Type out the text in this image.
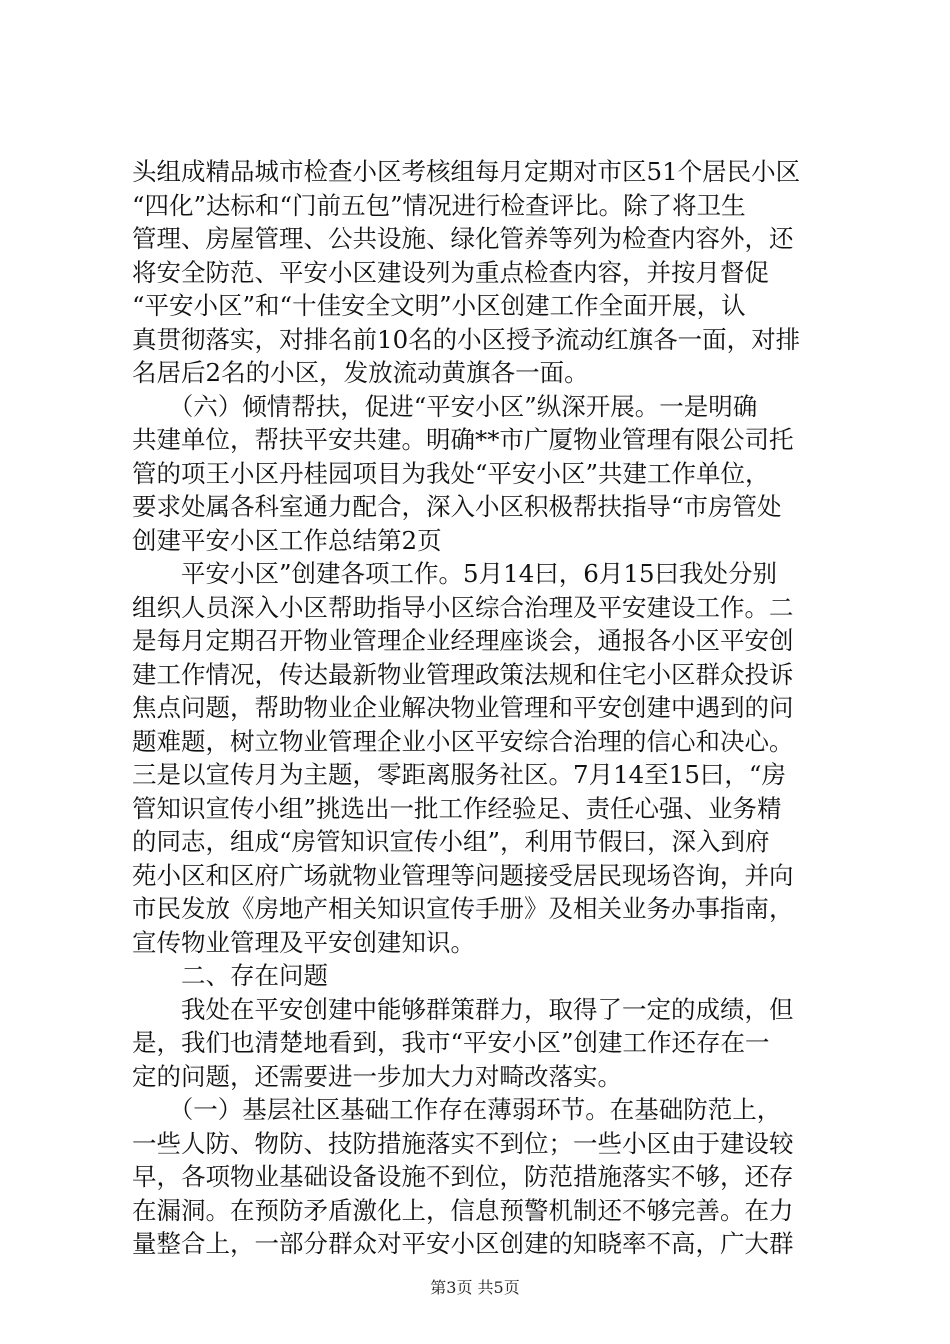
头组成精品城市检查小区考核组每月定期对市区51个居民小区
“四化”达标和“门前五包”情况进行检查评比。除了将卫生
管理、房屋管理、公共设施、绿化管养等列为检查内容外，还
将安全防范、平安小区建设列为重点检查内容，并按月督促
“平安小区”和“十佳安全文明”小区创建工作全面开展，认
真贯彻落实，对排名前10名的小区授予流动红旗各一面，对排
名居后2名的小区，发放流动黄旗各一面。
　　（六）倾情帮扶，促进“平安小区”纵深开展。一是明确
共建单位，帮扶平安共建。明确**市广厦物业管理有限公司托
管的项王小区丹桂园项目为我处“平安小区”共建工作单位，
要求处属各科室通力配合，深入小区积极帮扶指导“市房管处
创建平安小区工作总结第2页
　　平安小区”创建各项工作。5月14曰，6月15曰我处分别
组织人员深入小区帮助指导小区综合治理及平安建设工作。二
是每月定期召开物业管理企业经理座谈会，通报各小区平安创
建工作情况，传达最新物业管理政策法规和住宅小区群众投诉
焦点问题，帮助物业企业解决物业管理和平安创建中遇到的问
题难题，树立物业管理企业小区平安综合治理的信心和决心。
三是以宣传月为主题，零距离服务社区。7月14至15曰，“房
管知识宣传小组”挑选出一批工作经验足、责任心强、业务精
的同志，组成“房管知识宣传小组”，利用节假曰，深入到府
苑小区和区府广场就物业管理等问题接受居民现场咨询，并向
市民发放《房地产相关知识宣传手册》及相关业务办事指南，
宣传物业管理及平安创建知识。
　　二、存在问题
　　我处在平安创建中能够群策群力，取得了一定的成绩，但
是，我们也清楚地看到，我市“平安小区”创建工作还存在一
定的问题，还需要进一步加大力对畸改落实。
　　（一）基层社区基础工作存在薄弱环节。在基础防范上，
一些人防、物防、技防措施落实不到位；一些小区由于建设较
早，各项物业基础设备设施不到位，防范措施落实不够，还存
在漏洞。在预防矛盾激化上，信息预警机制还不够完善。在力
量整合上，一部分群众对平安小区创建的知晓率不高，广大群
第3页 共5页
